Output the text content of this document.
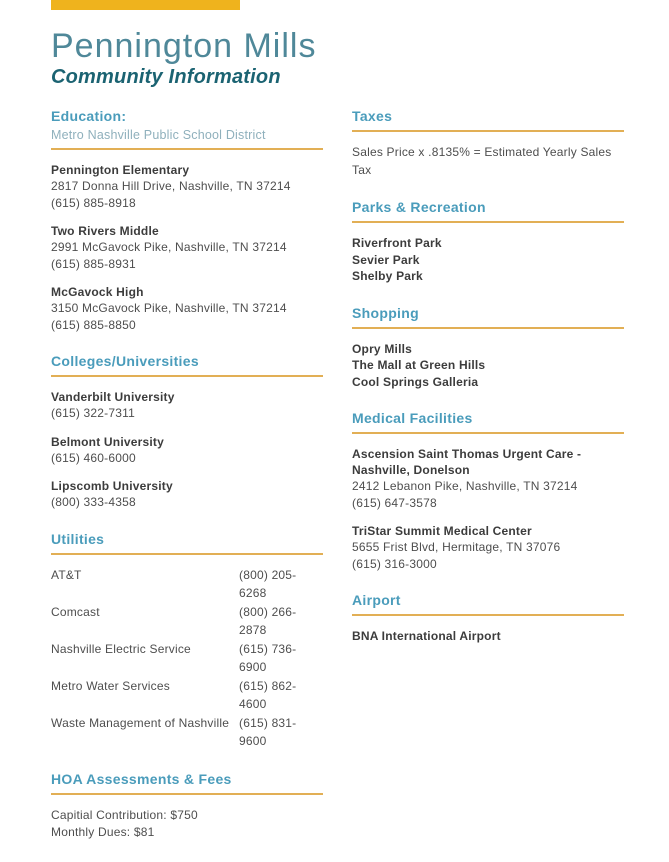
Pennington Mills
Community Information
Education:
Metro Nashville Public School District
Pennington Elementary
2817 Donna Hill Drive, Nashville, TN 37214
(615) 885-8918
Two Rivers Middle
2991 McGavock Pike, Nashville, TN 37214
(615) 885-8931
McGavock High
3150 McGavock Pike, Nashville, TN 37214
(615) 885-8850
Colleges/Universities
Vanderbilt University
(615) 322-7311
Belmont University
(615) 460-6000
Lipscomb University
(800) 333-4358
Utilities
AT&T	(800) 205-6268
Comcast	(800) 266-2878
Nashville Electric Service	(615) 736-6900
Metro Water Services	(615) 862-4600
Waste Management of Nashville (615) 831-9600
HOA Assessments & Fees
Capitial Contribution: $750
Monthly Dues: $81
Taxes
Sales Price x .8135% = Estimated Yearly Sales Tax
Parks & Recreation
Riverfront Park
Sevier Park
Shelby Park
Shopping
Opry Mills
The Mall at Green Hills
Cool Springs Galleria
Medical Facilities
Ascension Saint Thomas Urgent Care - Nashville, Donelson
2412 Lebanon Pike, Nashville, TN 37214
(615) 647-3578
TriStar Summit Medical Center
5655 Frist Blvd, Hermitage, TN 37076
(615) 316-3000
Airport
BNA International Airport
